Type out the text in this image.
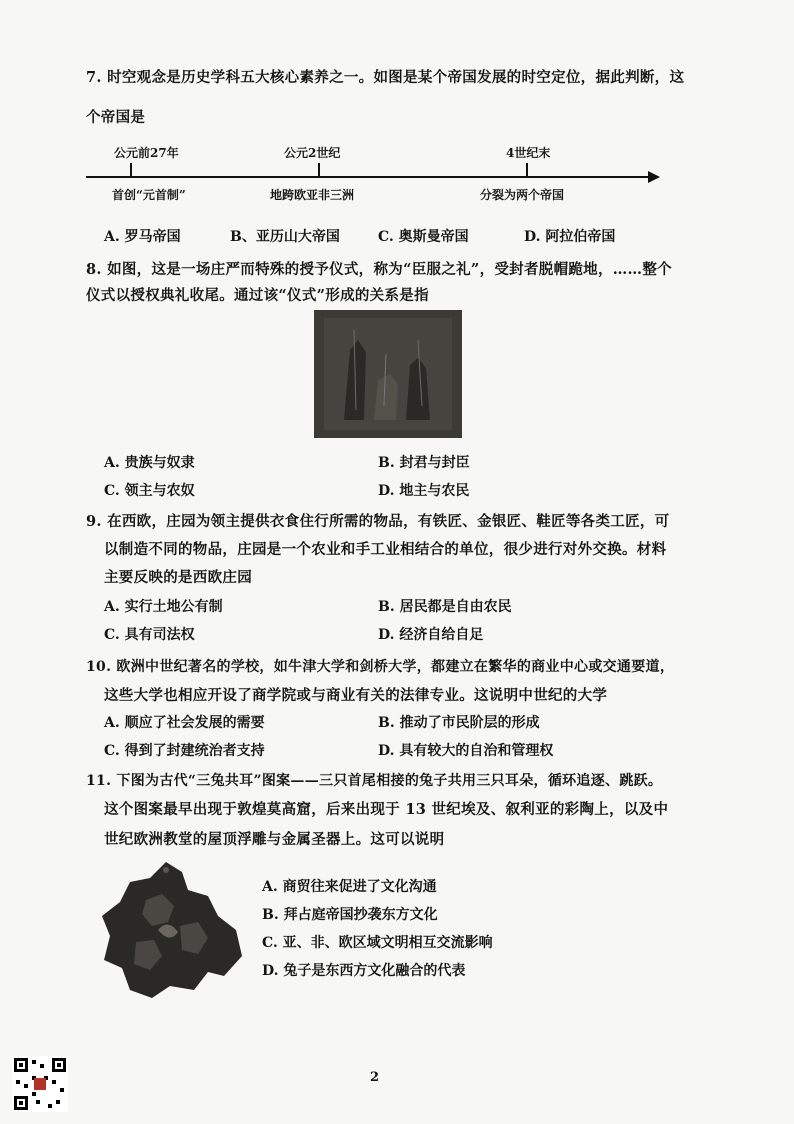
7. 时空观念是历史学科五大核心素养之一。如图是某个帝国发展的时空定位，据此判断，这
个帝国是
公元前27年	公元2世纪	4世纪末
首创“元首制”	地跨欧亚非三洲	分裂为两个帝国
A. 罗马帝国	B、亚历山大帝国	C. 奥斯曼帝国	D. 阿拉伯帝国
8. 如图，这是一场庄严而特殊的授予仪式，称为“臣服之礼”，受封者脱帽跪地，……整个
仪式以授权典礼收尾。通过该“仪式”形成的关系是指
A. 贵族与奴隶	B. 封君与封臣
C. 领主与农奴	D. 地主与农民
9. 在西欧，庄园为领主提供衣食住行所需的物品，有铁匠、金银匠、鞋匠等各类工匠，可
以制造不同的物品，庄园是一个农业和手工业相结合的单位，很少进行对外交换。材料
主要反映的是西欧庄园
A. 实行土地公有制	B. 居民都是自由农民
C. 具有司法权	D. 经济自给自足
10. 欧洲中世纪著名的学校，如牛津大学和剑桥大学，都建立在繁华的商业中心或交通要道，
这些大学也相应开设了商学院或与商业有关的法律专业。这说明中世纪的大学
A. 顺应了社会发展的需要	B. 推动了市民阶层的形成
C. 得到了封建统治者支持	D. 具有较大的自治和管理权
11. 下图为古代“三兔共耳”图案——三只首尾相接的兔子共用三只耳朵，循环追逐、跳跃。
这个图案最早出现于敦煌莫高窟，后来出现于 13 世纪埃及、叙利亚的彩陶上，以及中
世纪欧洲教堂的屋顶浮雕与金属圣器上。这可以说明
A. 商贸往来促进了文化沟通
B. 拜占庭帝国抄袭东方文化
C. 亚、非、欧区域文明相互交流影响
D. 兔子是东西方文化融合的代表
2
